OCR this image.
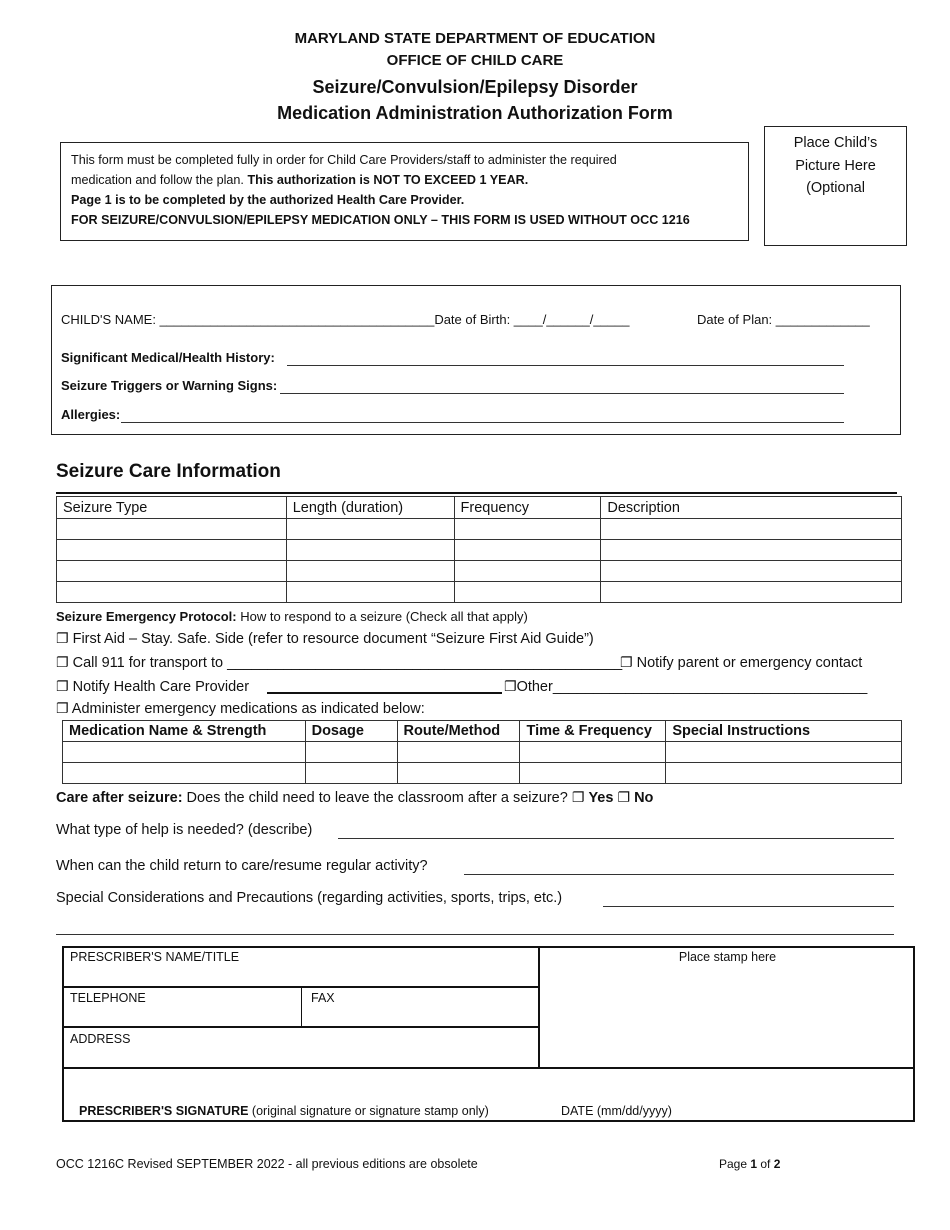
MARYLAND STATE DEPARTMENT OF EDUCATION
OFFICE OF CHILD CARE
Seizure/Convulsion/Epilepsy Disorder
Medication Administration Authorization Form
This form must be completed fully in order for Child Care Providers/staff to administer the required
medication and follow the plan. This authorization is NOT TO EXCEED 1 YEAR.
Page 1 is to be completed by the authorized Health Care Provider.
FOR SEIZURE/CONVULSION/EPILEPSY MEDICATION ONLY – THIS FORM IS USED WITHOUT OCC 1216
Place Child’s
Picture Here
(Optional
CHILD'S NAME: ______________________________________Date of Birth: ____/______/_____	Date of Plan: _____________
Significant Medical/Health History:
Seizure Triggers or Warning Signs:
Allergies:
Seizure Care Information
Seizure Type	Length (duration)	Frequency	Description

Seizure Emergency Protocol: How to respond to a seizure (Check all that apply)
❐ First Aid – Stay. Safe. Side (refer to resource document “Seizure First Aid Guide”)
❐ Call 911 for transport to _________________________________________________
❐ Notify parent or emergency contact
❐ Notify Health Care Provider	❐Other_______________________________________
❐ Administer emergency medications as indicated below:
Medication Name & Strength	Dosage	Route/Method	Time & Frequency	Special Instructions

Care after seizure: Does the child need to leave the classroom after a seizure? ❐ Yes ❐ No
What type of help is needed? (describe)
When can the child return to care/resume regular activity?
Special Considerations and Precautions (regarding activities, sports, trips, etc.)
PRESCRIBER'S NAME/TITLE
TELEPHONE	FAX
ADDRESS
Place stamp here
PRESCRIBER'S SIGNATURE (original signature or signature stamp only)	DATE (mm/dd/yyyy)
OCC 1216C Revised SEPTEMBER 2022 - all previous editions are obsolete	Page 1 of 2
